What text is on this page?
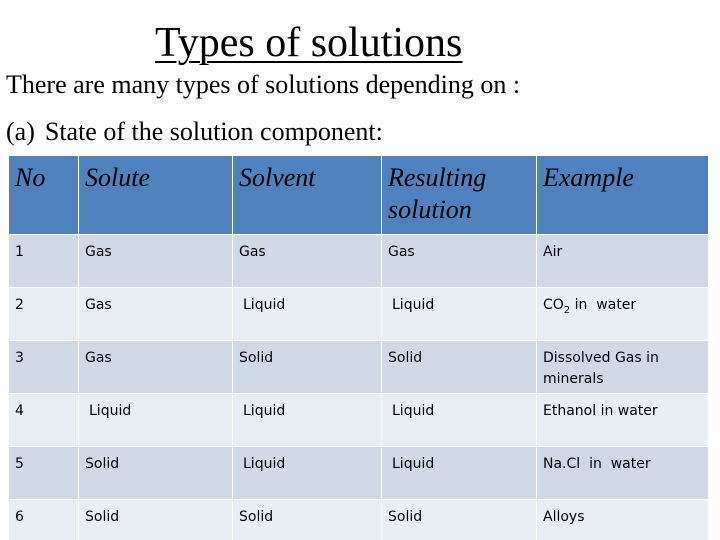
Types of solutions
There are many types of solutions depending on :
(a) State of the solution component:
No	Solute	Solvent	Resulting solution	Example
1	Gas	Gas	Gas	Air
2	Gas	Liquid	Liquid	$CO_2$ in  water
3	Gas	Solid	Solid	Dissolved Gas in minerals
4	Liquid	Liquid	Liquid	Ethanol in water
5	Solid	Liquid	Liquid	Na.Cl  in  water
6	Solid	Solid	Solid	Alloys
